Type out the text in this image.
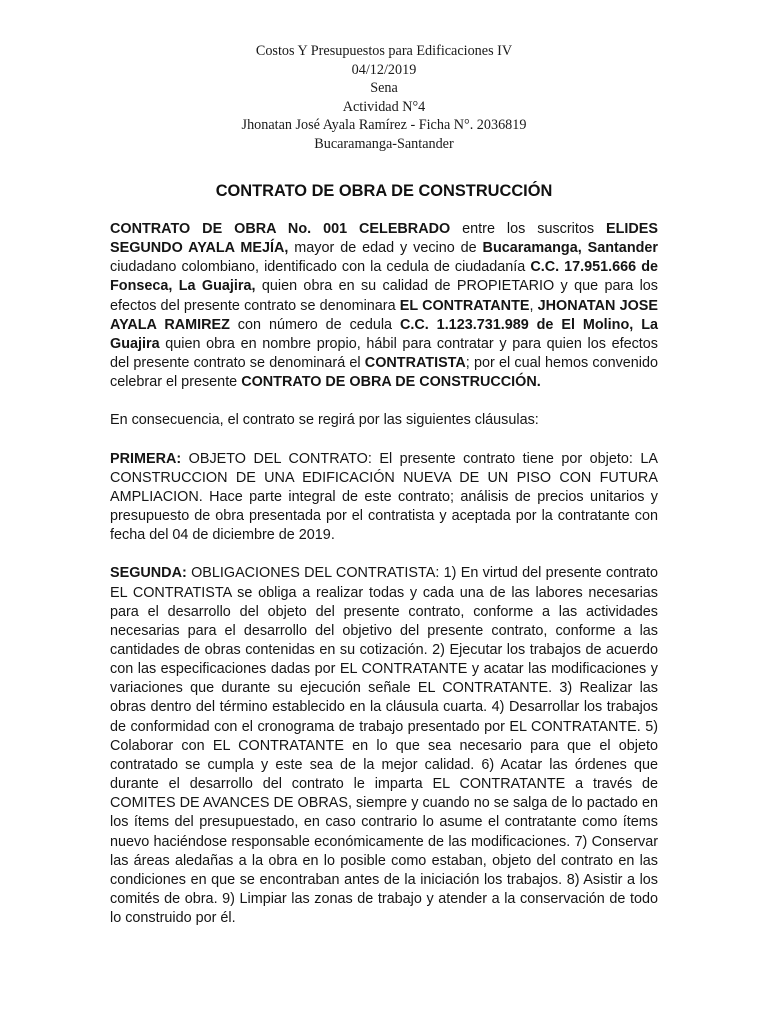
Costos Y Presupuestos para Edificaciones IV
04/12/2019
Sena
Actividad N°4
Jhonatan José Ayala Ramírez - Ficha N°. 2036819
Bucaramanga-Santander
CONTRATO DE OBRA DE CONSTRUCCIÓN

CONTRATO DE OBRA No. 001 CELEBRADO entre los suscritos ELIDES SEGUNDO AYALA MEJÍA, mayor de edad y vecino de Bucaramanga, Santander ciudadano colombiano, identificado con la cedula de ciudadanía C.C. 17.951.666 de Fonseca, La Guajira, quien obra en su calidad de PROPIETARIO y que para los efectos del presente contrato se denominara EL CONTRATANTE, JHONATAN JOSE AYALA RAMIREZ con número de cedula C.C. 1.123.731.989 de El Molino, La Guajira quien obra en nombre propio, hábil para contratar y para quien los efectos del presente contrato se denominará el CONTRATISTA; por el cual hemos convenido celebrar el presente CONTRATO DE OBRA DE CONSTRUCCIÓN.

En consecuencia, el contrato se regirá por las siguientes cláusulas:

PRIMERA: OBJETO DEL CONTRATO: El presente contrato tiene por objeto: LA CONSTRUCCION DE UNA EDIFICACIÓN NUEVA DE UN PISO CON FUTURA AMPLIACION. Hace parte integral de este contrato; análisis de precios unitarios y presupuesto de obra presentada por el contratista y aceptada por la contratante con fecha del 04 de diciembre de 2019.

SEGUNDA: OBLIGACIONES DEL CONTRATISTA: 1) En virtud del presente contrato EL CONTRATISTA se obliga a realizar todas y cada una de las labores necesarias para el desarrollo del objeto del presente contrato, conforme a las actividades necesarias para el desarrollo del objetivo del presente contrato, conforme a las cantidades de obras contenidas en su cotización. 2) Ejecutar los trabajos de acuerdo con las especificaciones dadas por EL CONTRATANTE y acatar las modificaciones y variaciones que durante su ejecución señale EL CONTRATANTE. 3) Realizar las obras dentro del término establecido en la cláusula cuarta. 4) Desarrollar los trabajos de conformidad con el cronograma de trabajo presentado por EL CONTRATANTE. 5) Colaborar con EL CONTRATANTE en lo que sea necesario para que el objeto contratado se cumpla y este sea de la mejor calidad. 6) Acatar las órdenes que durante el desarrollo del contrato le imparta EL CONTRATANTE a través de COMITES DE AVANCES DE OBRAS, siempre y cuando no se salga de lo pactado en los ítems del presupuestado, en caso contrario lo asume el contratante como ítems nuevo haciéndose responsable económicamente de las modificaciones. 7) Conservar las áreas aledañas a la obra en lo posible como estaban, objeto del contrato en las condiciones en que se encontraban antes de la iniciación los trabajos. 8) Asistir a los comités de obra. 9) Limpiar las zonas de trabajo y atender a la conservación de todo lo construido por él.
